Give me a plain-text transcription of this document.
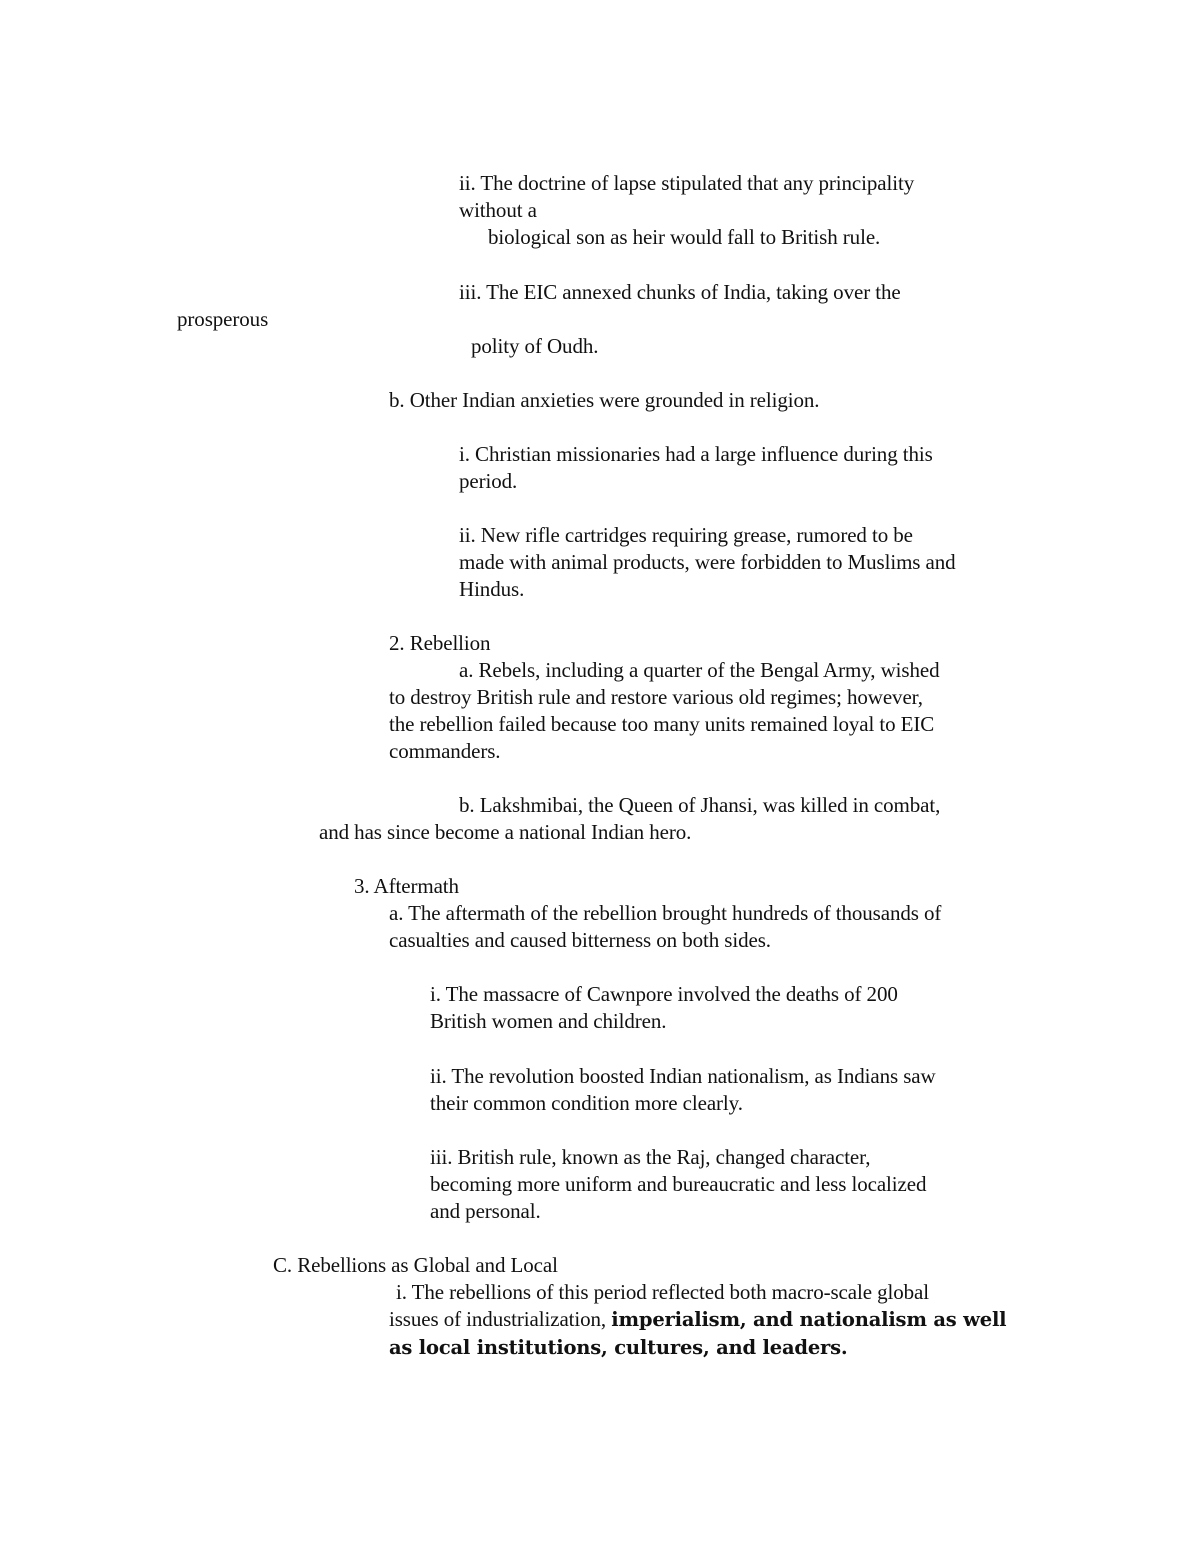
ii. The doctrine of lapse stipulated that any principality
without a
biological son as heir would fall to British rule.
iii. The EIC annexed chunks of India, taking over the
prosperous
polity of Oudh.
b. Other Indian anxieties were grounded in religion.
i. Christian missionaries had a large influence during this
period.
ii. New rifle cartridges requiring grease, rumored to be
made with animal products, were forbidden to Muslims and
Hindus.
2. Rebellion
a. Rebels, including a quarter of the Bengal Army, wished
to destroy British rule and restore various old regimes; however,
the rebellion failed because too many units remained loyal to EIC
commanders.
b. Lakshmibai, the Queen of Jhansi, was killed in combat,
and has since become a national Indian hero.
3. Aftermath
a. The aftermath of the rebellion brought hundreds of thousands of
casualties and caused bitterness on both sides.
i. The massacre of Cawnpore involved the deaths of 200
British women and children.
ii. The revolution boosted Indian nationalism, as Indians saw
their common condition more clearly.
iii. British rule, known as the Raj, changed character,
becoming more uniform and bureaucratic and less localized
and personal.
C. Rebellions as Global and Local
i. The rebellions of this period reflected both macro-scale global
issues of industrialization, imperialism, and nationalism as well
as local institutions, cultures, and leaders.
